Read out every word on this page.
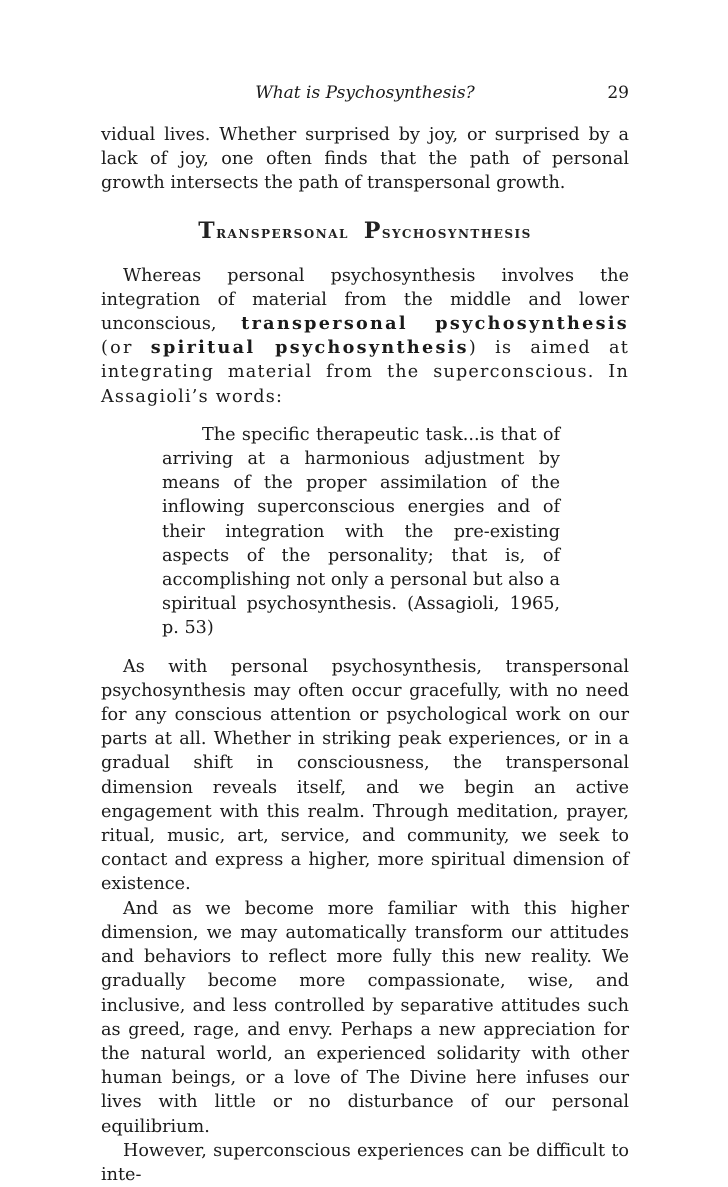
What is Psychosynthesis?	29

vidual lives. Whether surprised by joy, or surprised by a lack of joy, one often finds that the path of personal growth intersects the path of transpersonal growth.

Transpersonal Psychosynthesis

Whereas personal psychosynthesis involves the integration of material from the middle and lower unconscious, transpersonal psychosynthesis (or spiritual psychosynthesis) is aimed at integrating material from the superconscious. In Assagioli’s words:

The specific therapeutic task...is that of arriving at a harmonious adjustment by means of the proper assimilation of the inflowing superconscious energies and of their integration with the pre-existing aspects of the personality; that is, of accomplishing not only a personal but also a spiritual psychosynthesis. (Assagioli, 1965, p. 53)

As with personal psychosynthesis, transpersonal psychosynthesis may often occur gracefully, with no need for any conscious attention or psychological work on our parts at all. Whether in striking peak experiences, or in a gradual shift in consciousness, the transpersonal dimension reveals itself, and we begin an active engagement with this realm. Through meditation, prayer, ritual, music, art, service, and community, we seek to contact and express a higher, more spiritual dimension of existence.

And as we become more familiar with this higher dimension, we may automatically transform our attitudes and behaviors to reflect more fully this new reality. We gradually become more compassionate, wise, and inclusive, and less controlled by separative attitudes such as greed, rage, and envy. Perhaps a new appreciation for the natural world, an experienced solidarity with other human beings, or a love of The Divine here infuses our lives with little or no disturbance of our personal equilibrium.

However, superconscious experiences can be difficult to inte-
